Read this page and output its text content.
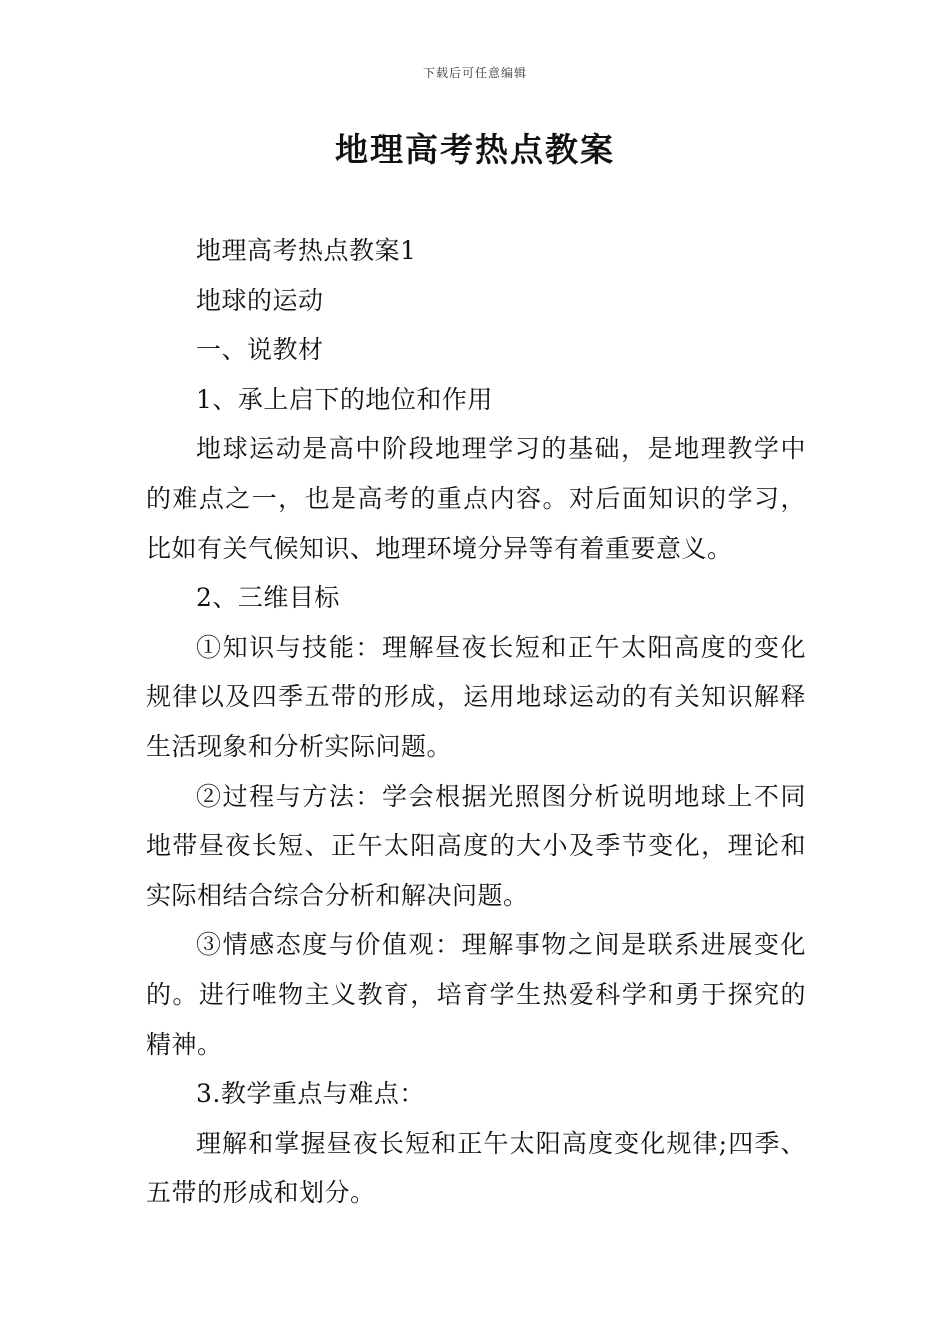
下载后可任意编辑
地理高考热点教案

地理高考热点教案1

地球的运动

一、说教材

1、承上启下的地位和作用

地球运动是高中阶段地理学习的基础，是地理教学中的难点之一，也是高考的重点内容。对后面知识的学习，比如有关气候知识、地理环境分异等有着重要意义。

2、三维目标

①知识与技能：理解昼夜长短和正午太阳高度的变化规律以及四季五带的形成，运用地球运动的有关知识解释生活现象和分析实际问题。

②过程与方法：学会根据光照图分析说明地球上不同地带昼夜长短、正午太阳高度的大小及季节变化，理论和实际相结合综合分析和解决问题。

③情感态度与价值观：理解事物之间是联系进展变化的。进行唯物主义教育，培育学生热爱科学和勇于探究的精神。

3.教学重点与难点：

理解和掌握昼夜长短和正午太阳高度变化规律;四季、五带的形成和划分。
